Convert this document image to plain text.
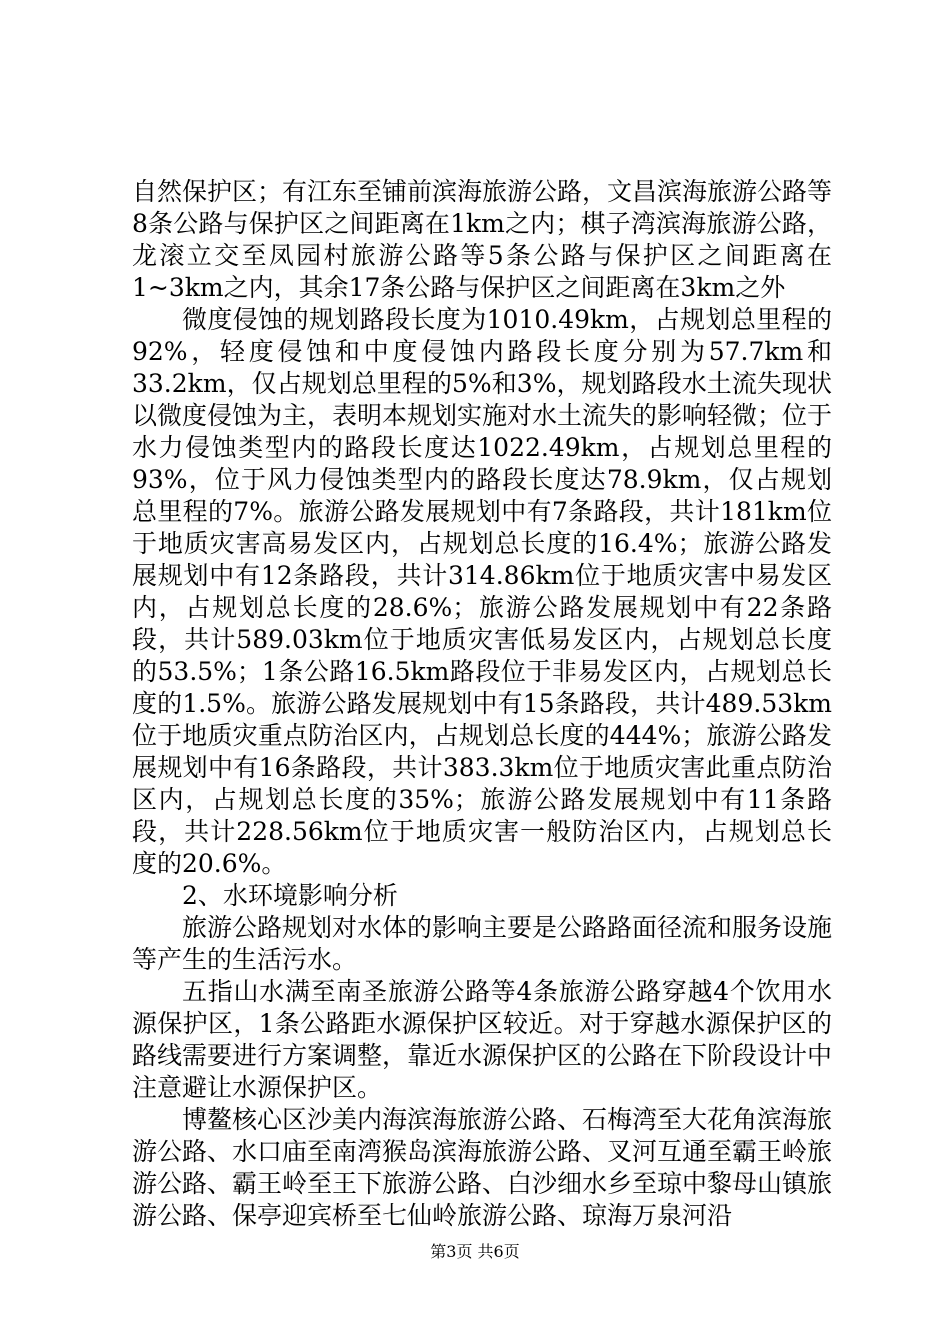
自然保护区；有江东至铺前滨海旅游公路，文昌滨海旅游公路等8条公路与保护区之间距离在1km之内；棋子湾滨海旅游公路，龙滚立交至凤园村旅游公路等5条公路与保护区之间距离在1~3km之内，其余17条公路与保护区之间距离在3km之外

微度侵蚀的规划路段长度为1010.49km，占规划总里程的92%，轻度侵蚀和中度侵蚀内路段长度分别为57.7km和33.2km，仅占规划总里程的5%和3%，规划路段水土流失现状以微度侵蚀为主，表明本规划实施对水土流失的影响轻微；位于水力侵蚀类型内的路段长度达1022.49km，占规划总里程的93%，位于风力侵蚀类型内的路段长度达78.9km，仅占规划总里程的7%。旅游公路发展规划中有7条路段，共计181km位于地质灾害高易发区内，占规划总长度的16.4%；旅游公路发展规划中有12条路段，共计314.86km位于地质灾害中易发区内，占规划总长度的28.6%；旅游公路发展规划中有22条路段，共计589.03km位于地质灾害低易发区内，占规划总长度的53.5%；1条公路16.5km路段位于非易发区内，占规划总长度的1.5%。旅游公路发展规划中有15条路段，共计489.53km位于地质灾重点防治区内，占规划总长度的444%；旅游公路发展规划中有16条路段，共计383.3km位于地质灾害此重点防治区内，占规划总长度的35%；旅游公路发展规划中有11条路段，共计228.56km位于地质灾害一般防治区内，占规划总长度的20.6%。

2、水环境影响分析

旅游公路规划对水体的影响主要是公路路面径流和服务设施等产生的生活污水。

五指山水满至南圣旅游公路等4条旅游公路穿越4个饮用水源保护区，1条公路距水源保护区较近。对于穿越水源保护区的路线需要进行方案调整，靠近水源保护区的公路在下阶段设计中注意避让水源保护区。

博鳌核心区沙美内海滨海旅游公路、石梅湾至大花角滨海旅游公路、水口庙至南湾猴岛滨海旅游公路、叉河互通至霸王岭旅游公路、霸王岭至王下旅游公路、白沙细水乡至琼中黎母山镇旅游公路、保亭迎宾桥至七仙岭旅游公路、琼海万泉河沿

第3页 共6页
